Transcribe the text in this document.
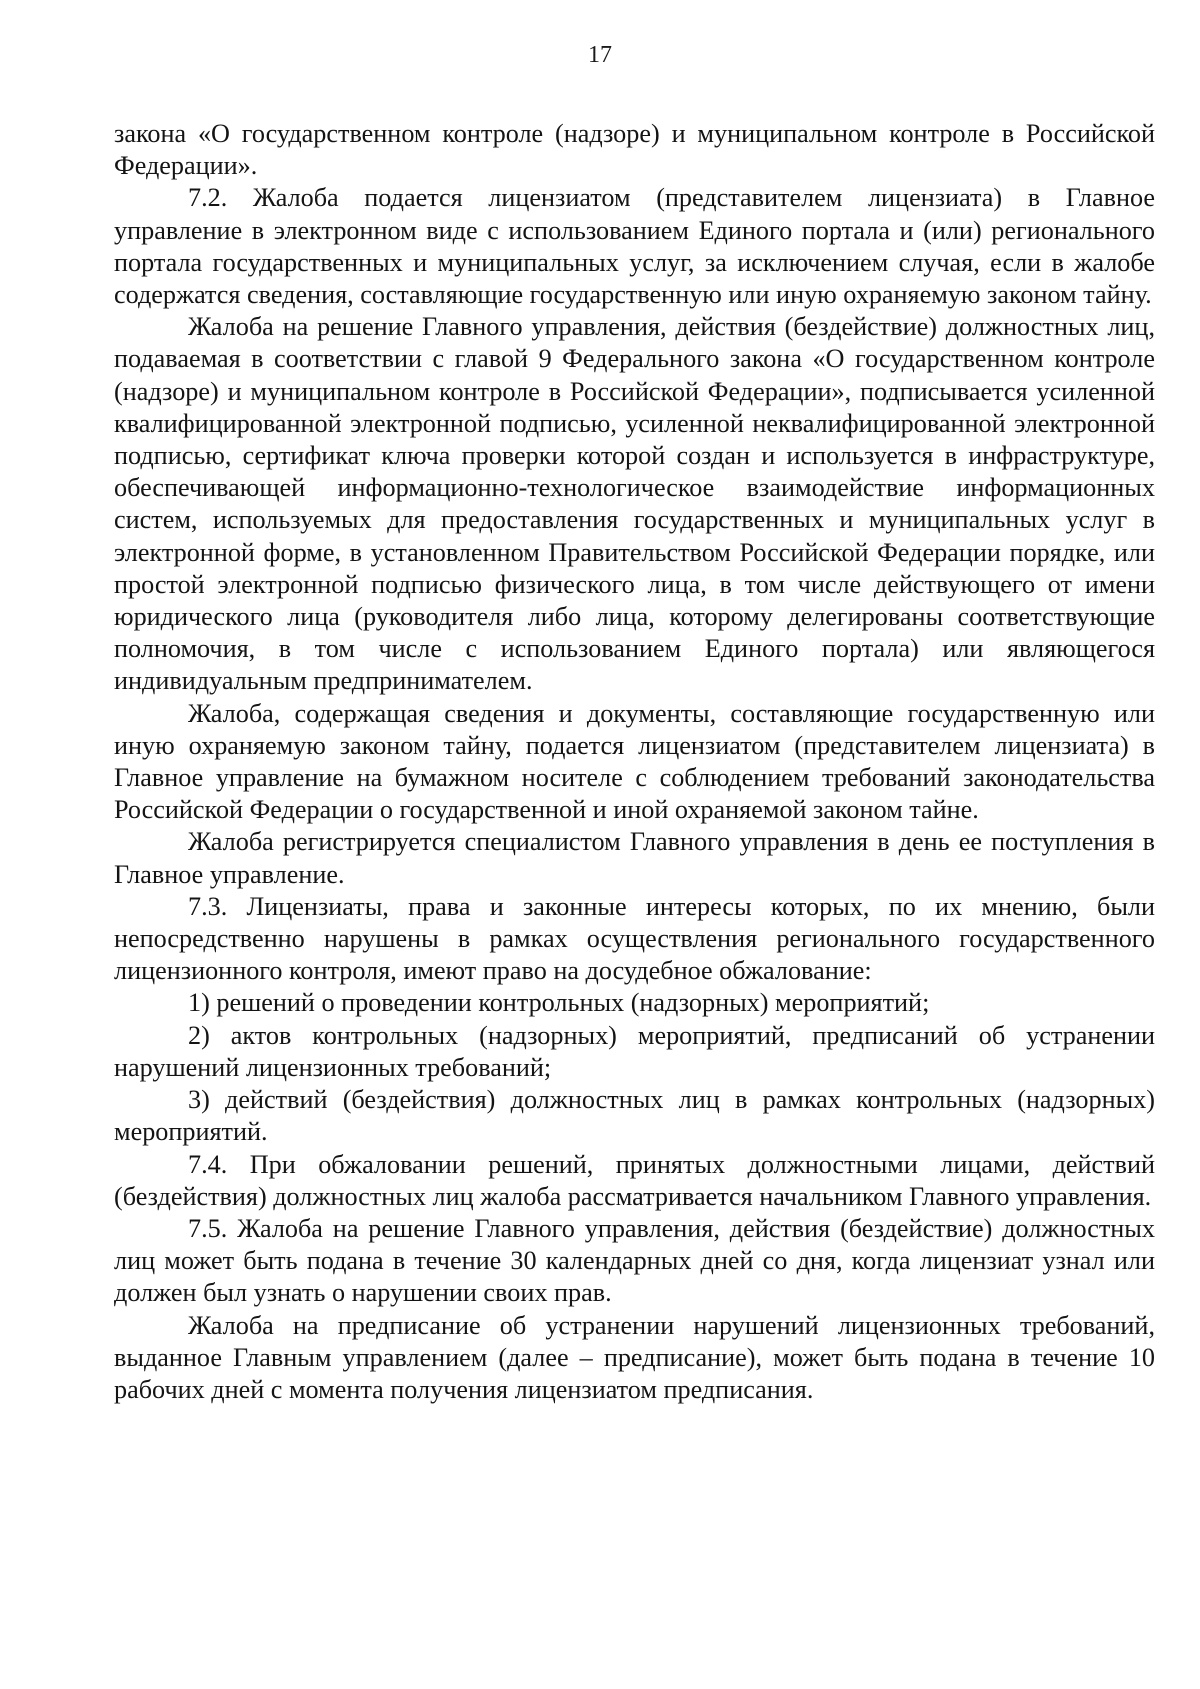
17

закона «О государственном контроле (надзоре) и муниципальном контроле в Российской Федерации».

7.2. Жалоба подается лицензиатом (представителем лицензиата) в Главное управление в электронном виде с использованием Единого портала и (или) регионального портала государственных и муниципальных услуг, за исключением случая, если в жалобе содержатся сведения, составляющие государственную или иную охраняемую законом тайну.

Жалоба на решение Главного управления, действия (бездействие) должностных лиц, подаваемая в соответствии с главой 9 Федерального закона «О государственном контроле (надзоре) и муниципальном контроле в Российской Федерации», подписывается усиленной квалифицированной электронной подписью, усиленной неквалифицированной электронной подписью, сертификат ключа проверки которой создан и используется в инфраструктуре, обеспечивающей информационно-технологическое взаимодействие информационных систем, используемых для предоставления государственных и муниципальных услуг в электронной форме, в установленном Правительством Российской Федерации порядке, или простой электронной подписью физического лица, в том числе действующего от имени юридического лица (руководителя либо лица, которому делегированы соответствующие полномочия, в том числе с использованием Единого портала) или являющегося индивидуальным предпринимателем.

Жалоба, содержащая сведения и документы, составляющие государственную или иную охраняемую законом тайну, подается лицензиатом (представителем лицензиата) в Главное управление на бумажном носителе с соблюдением требований законодательства Российской Федерации о государственной и иной охраняемой законом тайне.

Жалоба регистрируется специалистом Главного управления в день ее поступления в Главное управление.

7.3. Лицензиаты, права и законные интересы которых, по их мнению, были непосредственно нарушены в рамках осуществления регионального государственного лицензионного контроля, имеют право на досудебное обжалование:

1) решений о проведении контрольных (надзорных) мероприятий;

2) актов контрольных (надзорных) мероприятий, предписаний об устранении нарушений лицензионных требований;

3) действий (бездействия) должностных лиц в рамках контрольных (надзорных) мероприятий.

7.4. При обжаловании решений, принятых должностными лицами, действий (бездействия) должностных лиц жалоба рассматривается начальником Главного управления.

7.5. Жалоба на решение Главного управления, действия (бездействие) должностных лиц может быть подана в течение 30 календарных дней со дня, когда лицензиат узнал или должен был узнать о нарушении своих прав.

Жалоба на предписание об устранении нарушений лицензионных требований, выданное Главным управлением (далее – предписание), может быть подана в течение 10 рабочих дней с момента получения лицензиатом предписания.
